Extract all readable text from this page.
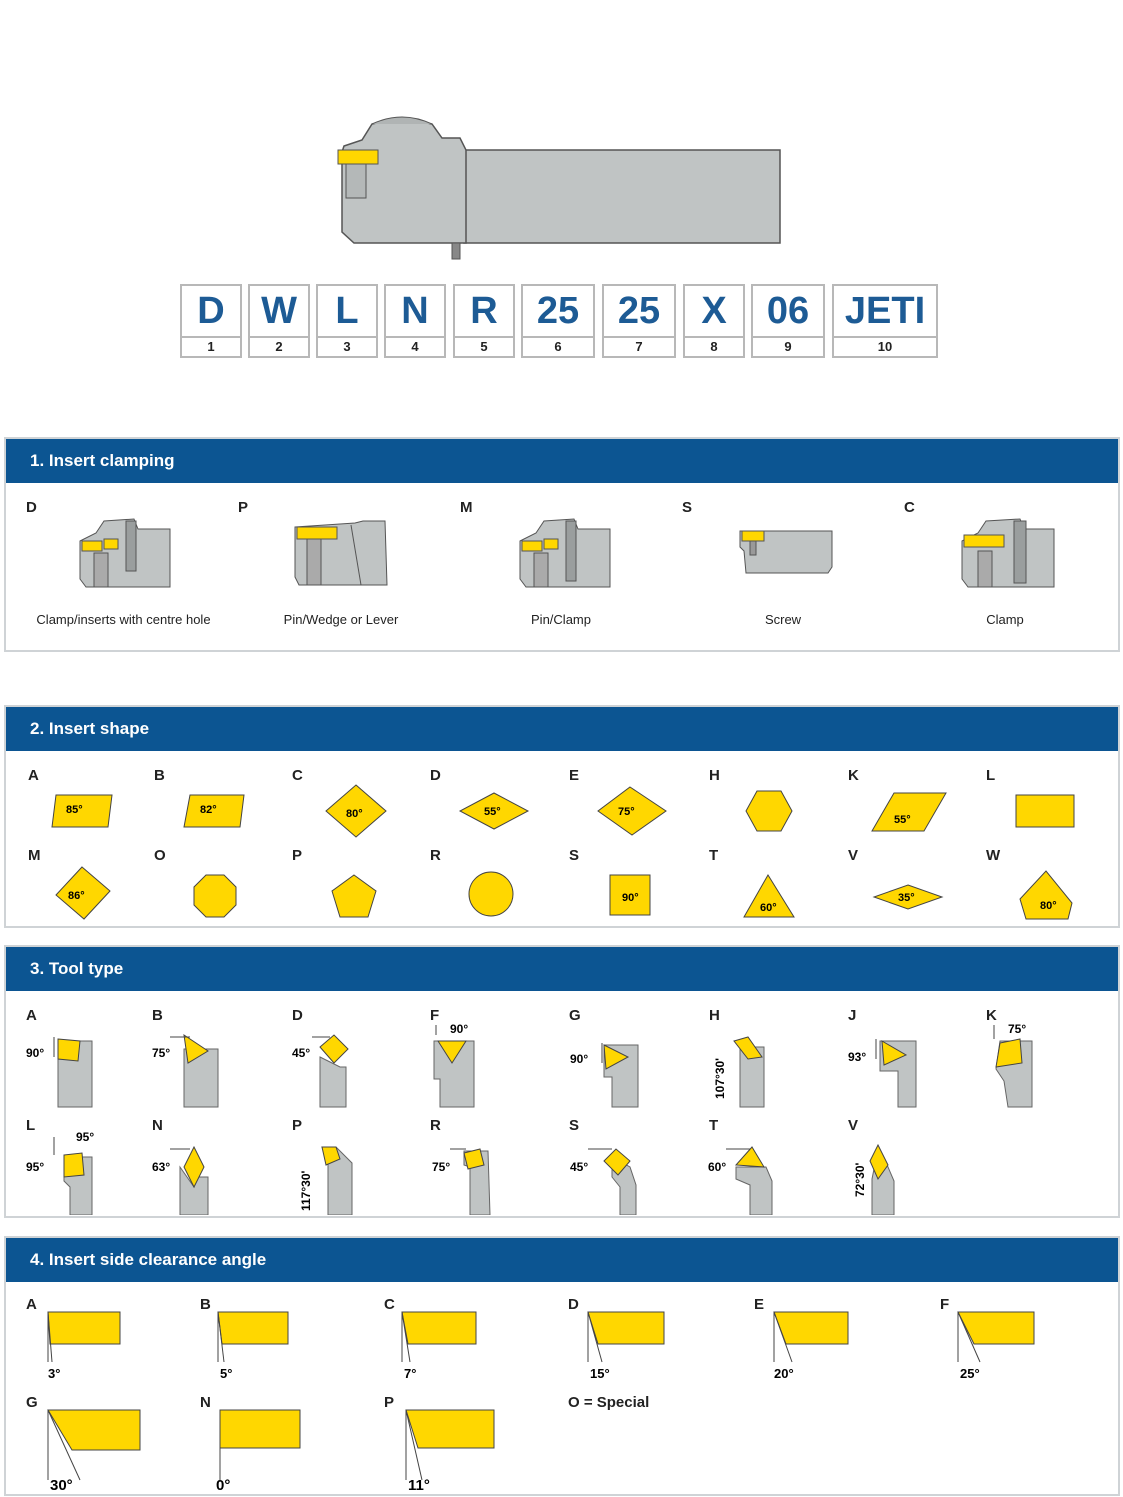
D
1
W
2
L
3
N
4
R
5
25
6
25
7
X
8
06
9
JETI
10
1. Insert clamping
D
Clamp/inserts with centre hole
P
Pin/Wedge or Lever
M
Pin/Clamp
S
Screw
C
Clamp
2. Insert shape
A
85°
B
82°
C
80°
D
55°
E
75°
H	K
55°
L
M
86°
O	P	R	S
90°
T
60°
V
35°
W
80°
3. Tool type
A
90°
B
75°
D
45°
F
90°
G
90°
H
107°30'
J
93°
K
75°
L
95°
95°
N
63°
P
117°30'
R
75°
S
45°
T
60°
V
72°30'
4. Insert side clearance angle
A
3°
B
5°
C
7°
D
15°
E
20°
F
25°
G
30°
N
0°
P
11°
O = Special
